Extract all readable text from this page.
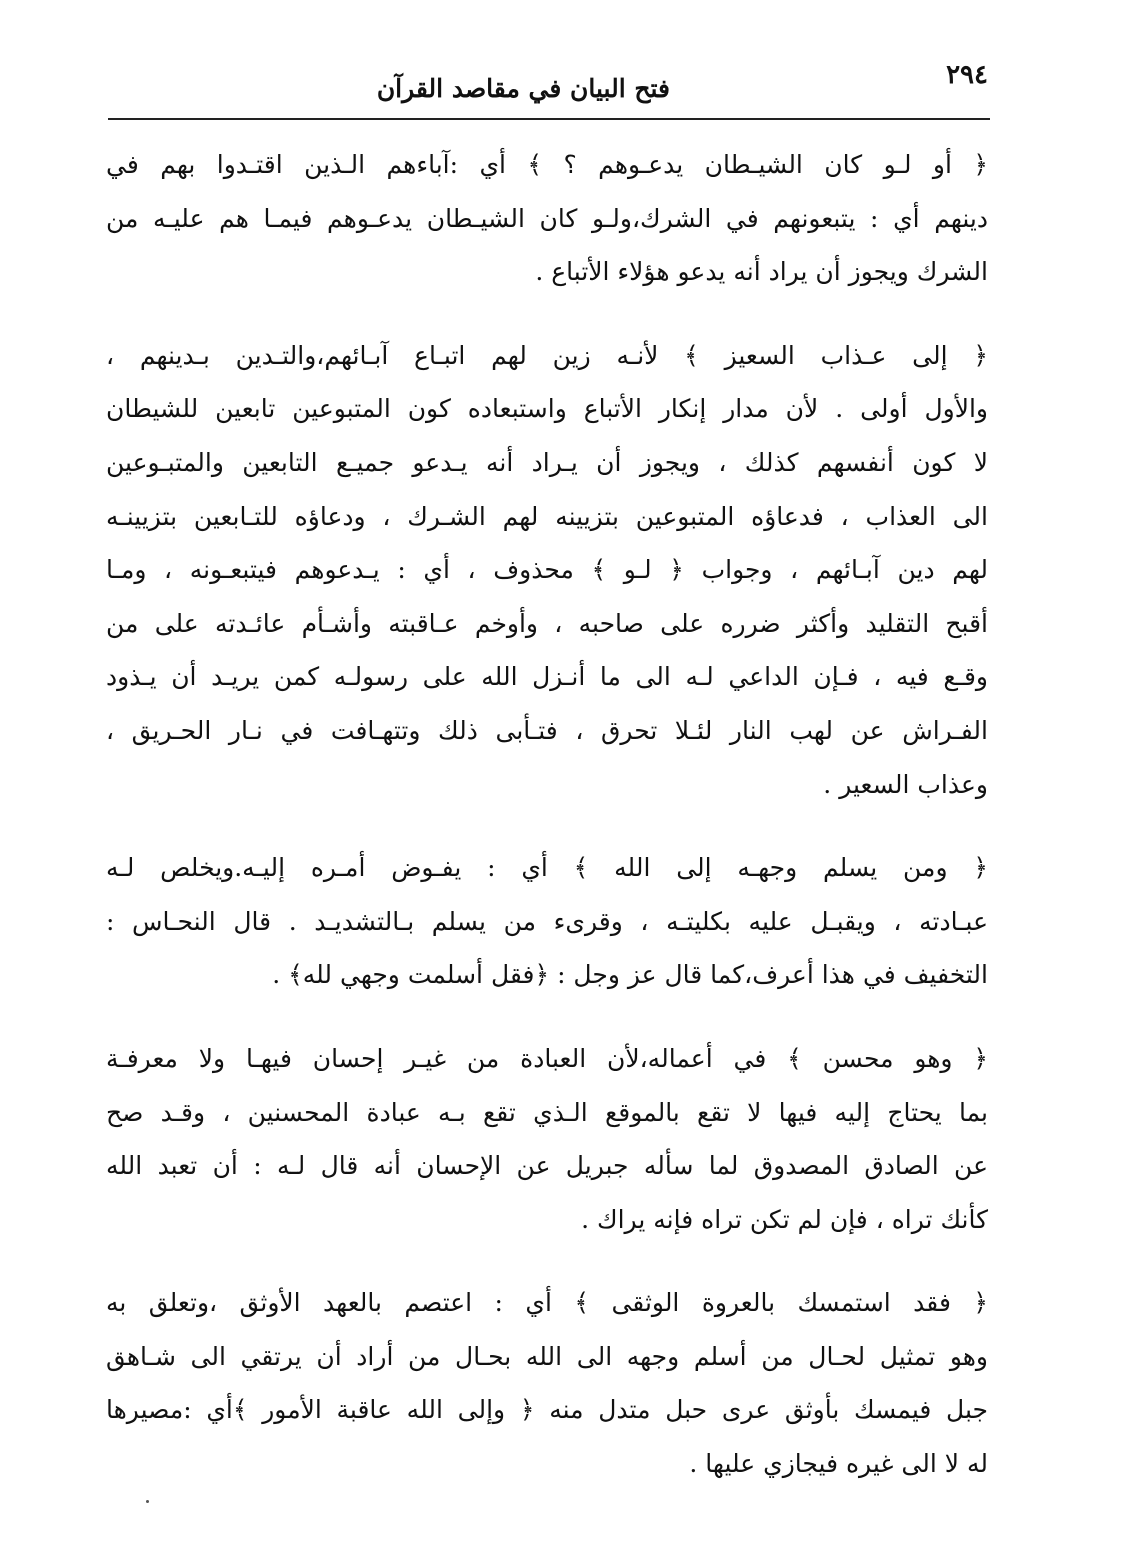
٢٩٤
فتح البيان في مقاصد القرآن

﴿ أو لـو كان الشيـطان يدعـوهم ؟ ﴾ أي :آباءهم الـذين اقتـدوا بهم في
دينهم أي : يتبعونهم في الشرك،ولـو كان الشيـطان يدعـوهم فيمـا هم عليـه من
الشرك ويجوز أن يراد أنه يدعو هؤلاء الأتباع .

﴿ إلى عـذاب السعيز ﴾ لأنـه زين لهم اتبـاع آبـائهم،والتـدين بـدينهم ،
والأول أولى . لأن مدار إنكار الأتباع واستبعاده كون المتبوعين تابعين للشيطان
لا كون أنفسهم كذلك ، ويجوز أن يـراد أنه يـدعو جميـع التابعين والمتبـوعين
الى العذاب ، فدعاؤه المتبوعين بتزيينه لهم الشـرك ، ودعاؤه للتـابعين بتزيينـه
لهم دين آبـائهم ، وجواب ﴿ لـو ﴾ محذوف ، أي : يـدعوهم فيتبعـونه ، ومـا
أقبح التقليد وأكثر ضرره على صاحبه ، وأوخم عـاقبته وأشـأم عائـدته على من
وقـع فيه ، فـإن الداعي لـه الى ما أنـزل الله على رسولـه كمن يريـد أن يـذود
الفـراش عن لهب النار لئـلا تحرق ، فتـأبى ذلك وتتهـافت في نـار الحـريق ،
وعذاب السعير .

﴿ ومن يسلم وجهـه إلى الله ﴾ أي : يفـوض أمـره إليـه.ويخلص لـه
عبـادته ، ويقبـل عليه بكليتـه ، وقرىء من يسلم بـالتشديـد . قال النحـاس :
التخفيف في هذا أعرف،كما قال عز وجل : ﴿فقل أسلمت وجهي لله﴾ .

﴿ وهو محسن ﴾ في أعماله،لأن العبادة من غيـر إحسان فيهـا ولا معرفـة
بما يحتاج إليه فيها لا تقع بالموقع الـذي تقع بـه عبادة المحسنين ، وقـد صح
عن الصادق المصدوق لما سأله جبريل عن الإحسان أنه قال لـه : أن تعبد الله
كأنك تراه ، فإن لم تكن تراه فإنه يراك .

﴿ فقد استمسك بالعروة الوثقى ﴾ أي : اعتصم بالعهد الأوثق ،وتعلق به
وهو تمثيل لحـال من أسلم وجهه الى الله بحـال من أراد أن يرتقي الى شـاهق
جبل فيمسك بأوثق عرى حبل متدل منه ﴿ وإلى الله عاقبة الأمور ﴾أي :مصيرها
له لا الى غيره فيجازي عليها .
